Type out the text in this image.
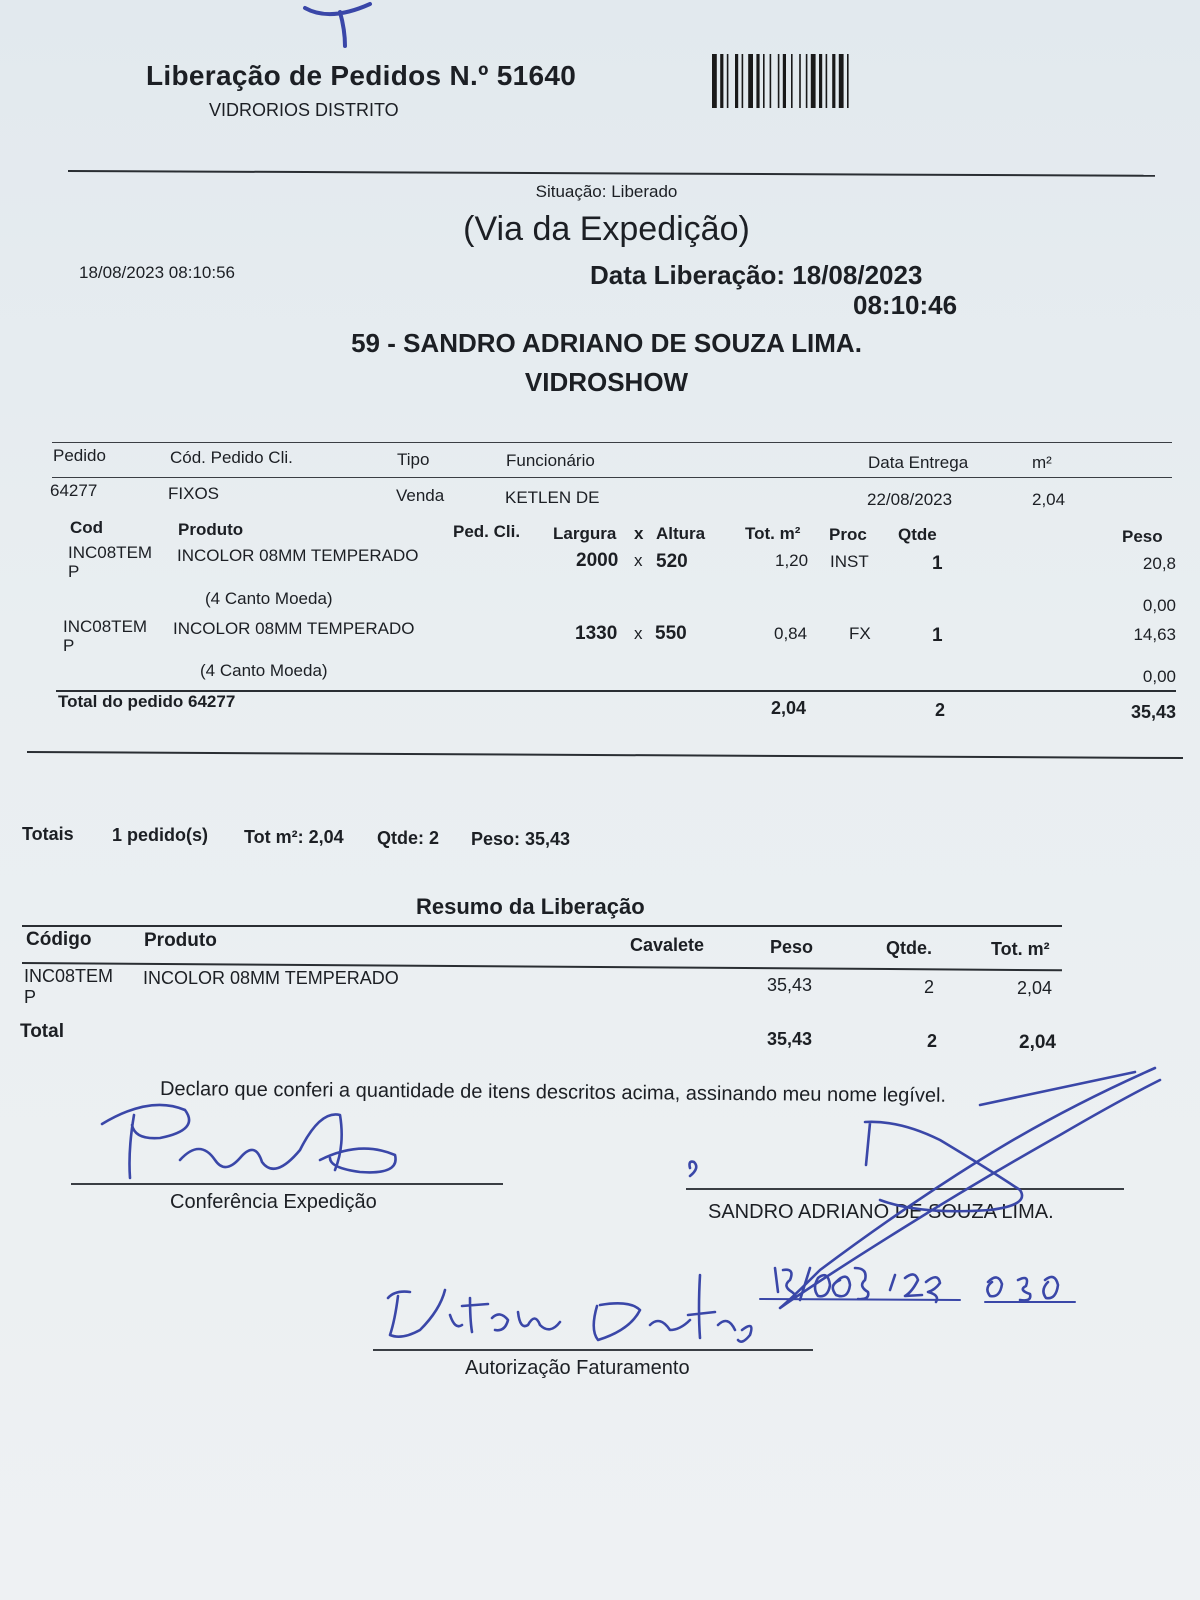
Liberação de Pedidos N.º 51640
VIDRORIOS DISTRITO
Situação: Liberado
(Via da Expedição)
18/08/2023 08:10:56	Data Liberação: 18/08/2023
08:10:46
59 - SANDRO ADRIANO DE SOUZA LIMA.
VIDROSHOW
Pedido	Cód. Pedido Cli.	Tipo	Funcionário	Data Entrega	m²
64277	FIXOS	Venda	KETLEN DE	22/08/2023	2,04
Cod	Produto	Ped. Cli. Largura x Altura Tot. m² Proc Qtde	Peso
INC08TEM
P
INCOLOR 08MM TEMPERADO	2000 x 520	1,20 INST	1	20,8
(4 Canto Moeda)	0,00
INC08TEM
P
INCOLOR 08MM TEMPERADO	1330 x 550	0,84 FX	1	14,63
(4 Canto Moeda)	0,00
Total do pedido 64277	2,04	2	35,43
Totais 1 pedido(s) Tot m²: 2,04 Qtde: 2 Peso: 35,43
Resumo da Liberação
Código	Produto	Cavalete	Peso	Qtde.	Tot. m²
INC08TEM
P
INCOLOR 08MM TEMPERADO	35,43	2	2,04
Total	35,43	2	2,04
Declaro que conferi a quantidade de itens descritos acima, assinando meu nome legível.
Conferência Expedição	SANDRO ADRIANO DE SOUZA LIMA.
Autorização Faturamento
